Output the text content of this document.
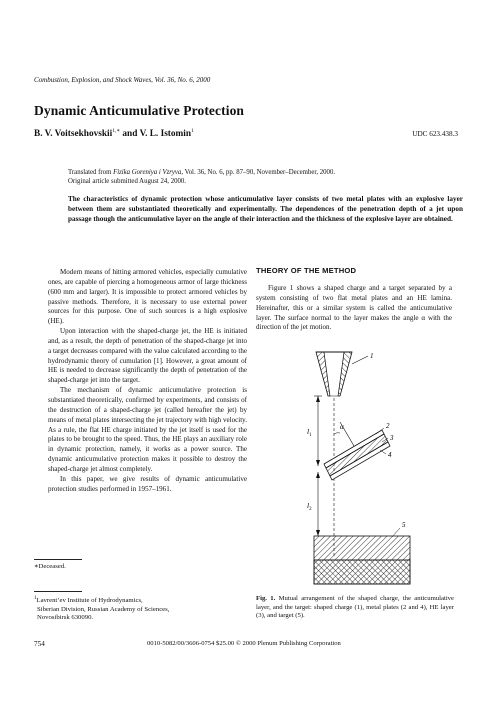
Combustion, Explosion, and Shock Waves, Vol. 36, No. 6, 2000
Dynamic Anticumulative Protection
B. V. Voitsekhovskii$^{1,∗}$ and V. L. Istomin$^1$	UDC 623.438.3
Translated from Fizika Goreniya i Vzryva, Vol. 36, No. 6, pp. 87–90, November–December, 2000.
Original article submitted August 24, 2000.
The characteristics of dynamic protection whose anticumulative layer consists of two metal plates with an explosive layer between them are substantiated theoretically and experimentally. The dependences of the penetration depth of a jet upon passage though the anticumulative layer on the angle of their interaction and the thickness of the explosive layer are obtained.

Modern means of hitting armored vehicles, especially cumulative ones, are capable of piercing a homogeneous armor of large thickness (600 mm and larger). It is impossible to protect armored vehicles by passive methods. Therefore, it is necessary to use external power sources for this purpose. One of such sources is a high explosive (HE).

Upon interaction with the shaped-charge jet, the HE is initiated and, as a result, the depth of penetration of the shaped-charge jet into a target decreases compared with the value calculated according to the hydrodynamic theory of cumulation [1]. However, a great amount of HE is needed to decrease significantly the depth of penetration of the shaped-charge jet into the target.

The mechanism of dynamic anticumulative protection is substantiated theoretically, confirmed by experiments, and consists of the destruction of a shaped-charge jet (called hereafter the jet) by means of metal plates intersecting the jet trajectory with high velocity. As a rule, the flat HE charge initiated by the jet itself is used for the plates to be brought to the speed. Thus, the HE plays an auxiliary role in dynamic protection, namely, it works as a power source. The dynamic anticumulative protection makes it possible to destroy the shaped-charge jet almost completely.

In this paper, we give results of dynamic anticumulative protection studies performed in 1957–1961.

∗Deceased.
$^1$Lavrent’ev Institute of Hydrodynamics,
Siberian Division, Russian Academy of Sciences,
Novosibirsk 630090.
THEORY OF THE METHOD

Figure 1 shows a shaped charge and a target separated by a system consisting of two flat metal plates and an HE lamina. Hereinafter, this or a similar system is called the anticumulative layer. The surface normal to the layer makes the angle α with the direction of the jet motion.

1
$l_1$
α	2
3
4
$l_2$
5
Fig. 1. Mutual arrangement of the shaped charge, the anticumulative layer, and the target: shaped charge (1), metal plates (2 and 4), HE layer (3), and target (5).
754	0010-5082/00/3606-0754 $25.00 © 2000 Plenum Publishing Corporation
